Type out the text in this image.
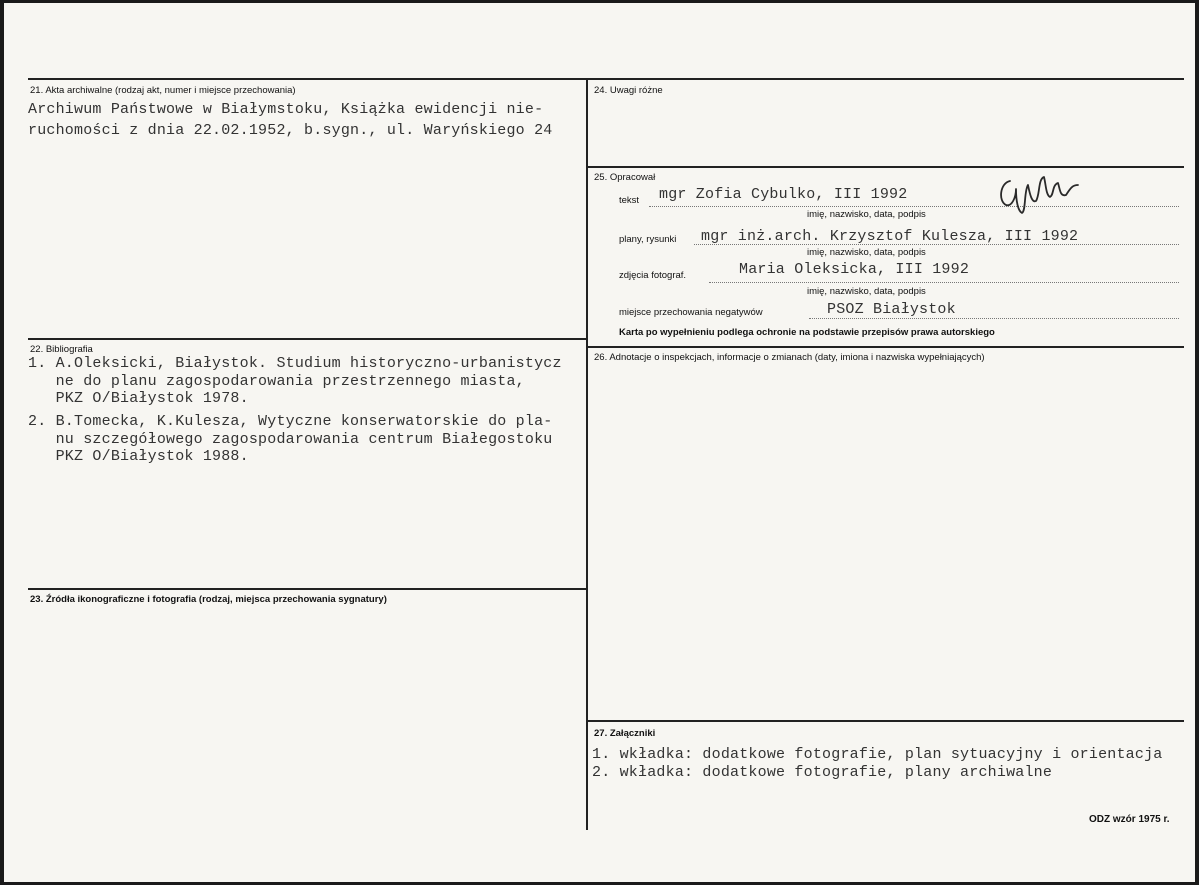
21. Akta archiwalne (rodzaj akt, numer i miejsce przechowania)
Archiwum Państwowe w Białymstoku, Książka ewidencji nie-
ruchomości z dnia 22.02.1952, b.sygn., ul. Waryńskiego 24
22. Bibliografia
1. A.Oleksicki, Białystok. Studium historyczno-urbanistycz
ne do planu zagospodarowania przestrzennego miasta,
PKZ O/Białystok 1978.
2. B.Tomecka, K.Kulesza, Wytyczne konserwatorskie do pla-
nu szczegółowego zagospodarowania centrum Białegostoku
PKZ O/Białystok 1988.
23. Źródła ikonograficzne i fotografia (rodzaj, miejsca przechowania sygnatury)
24. Uwagi różne
25. Opracował
tekst mgr Zofia Cybulko, III 1992
imię, nazwisko, data, podpis
plany, rysunki mgr inż.arch. Krzysztof Kulesza, III 1992
imię, nazwisko, data, podpis
zdjęcia fotograf.	Maria Oleksicka, III 1992
imię, nazwisko, data, podpis
miejsce przechowania negatywów	PSOZ Białystok
Karta po wypełnieniu podlega ochronie na podstawie przepisów prawa autorskiego
26. Adnotacje o inspekcjach, informacje o zmianach (daty, imiona i nazwiska wypełniających)
27. Załączniki
1. wkładka: dodatkowe fotografie, plan sytuacyjny i orientacja
2. wkładka: dodatkowe fotografie, plany archiwalne
ODZ wzór 1975 r.
